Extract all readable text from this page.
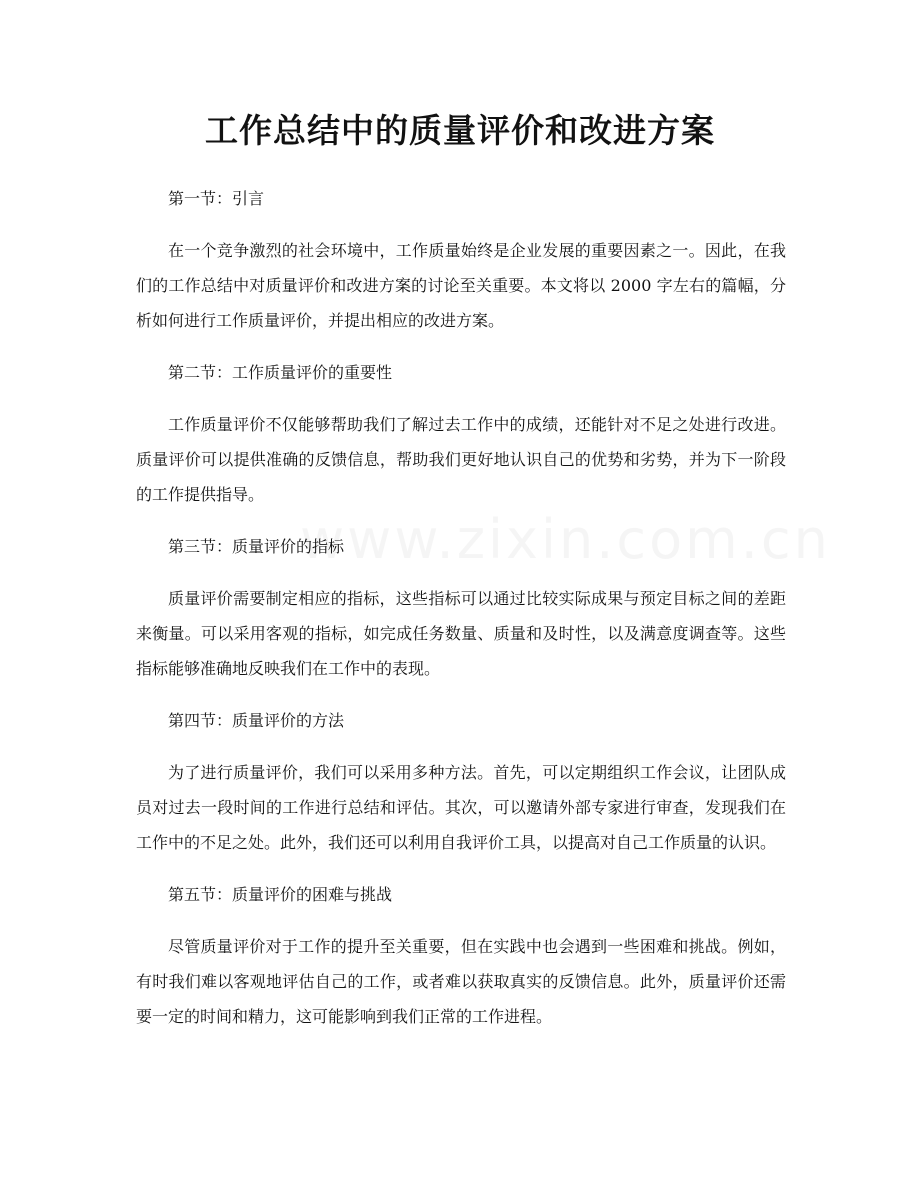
www.zixin.com.cn
工作总结中的质量评价和改进方案

第一节：引言

在一个竞争激烈的社会环境中，工作质量始终是企业发展的重要因素之一。因此，在我们的工作总结中对质量评价和改进方案的讨论至关重要。本文将以 2000 字左右的篇幅，分析如何进行工作质量评价，并提出相应的改进方案。

第二节：工作质量评价的重要性

工作质量评价不仅能够帮助我们了解过去工作中的成绩，还能针对不足之处进行改进。质量评价可以提供准确的反馈信息，帮助我们更好地认识自己的优势和劣势，并为下一阶段的工作提供指导。

第三节：质量评价的指标

质量评价需要制定相应的指标，这些指标可以通过比较实际成果与预定目标之间的差距来衡量。可以采用客观的指标，如完成任务数量、质量和及时性，以及满意度调查等。这些指标能够准确地反映我们在工作中的表现。

第四节：质量评价的方法

为了进行质量评价，我们可以采用多种方法。首先，可以定期组织工作会议，让团队成员对过去一段时间的工作进行总结和评估。其次，可以邀请外部专家进行审查，发现我们在工作中的不足之处。此外，我们还可以利用自我评价工具，以提高对自己工作质量的认识。

第五节：质量评价的困难与挑战

尽管质量评价对于工作的提升至关重要，但在实践中也会遇到一些困难和挑战。例如，有时我们难以客观地评估自己的工作，或者难以获取真实的反馈信息。此外，质量评价还需要一定的时间和精力，这可能影响到我们正常的工作进程。
